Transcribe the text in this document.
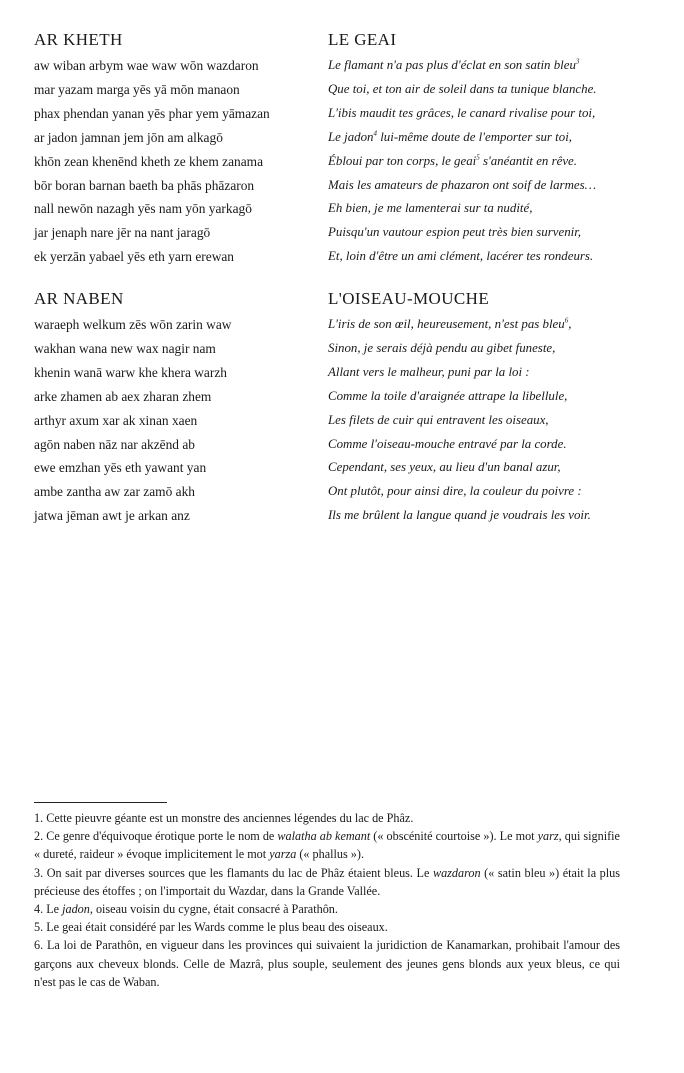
AR KHETH
aw wiban arbym wae waw wōn wazdaron
mar yazam marga yēs yā mōn manaon
phax phendan yanan yēs phar yem yāmazan
ar jadon jamnan jem jōn am alkagō
khōn zean khenēnd kheth ze khem zanama
bōr boran barnan baeth ba phās phāzaron
nall newōn nazagh yēs nam yōn yarkagō
jar jenaph nare jēr na nant jaragō
ek yerzān yabael yēs eth yarn erewan
LE GEAI
Le flamant n'a pas plus d'éclat en son satin bleu$^3$
Que toi, et ton air de soleil dans ta tunique blanche.
L'ibis maudit tes grâces, le canard rivalise pour toi,
Le jadon$^4$ lui-même doute de l'emporter sur toi,
Ébloui par ton corps, le geai$^5$ s'anéantit en rêve.
Mais les amateurs de phazaron ont soif de larmes…
Eh bien, je me lamenterai sur ta nudité,
Puisqu'un vautour espion peut très bien survenir,
Et, loin d'être un ami clément, lacérer tes rondeurs.
AR NABEN
waraeph welkum zēs wōn zarin waw
wakhan wana new wax nagir nam
khenin wanā warw khe khera warzh
arke zhamen ab aex zharan zhem
arthyr axum xar ak xinan xaen
agōn naben nāz nar akzēnd ab
ewe emzhan yēs eth yawant yan
ambe zantha aw zar zamō akh
jatwa jēman awt je arkan anz
L'OISEAU-MOUCHE
L'iris de son œil, heureusement, n'est pas bleu$^6$,
Sinon, je serais déjà pendu au gibet funeste,
Allant vers le malheur, puni par la loi :
Comme la toile d'araignée attrape la libellule,
Les filets de cuir qui entravent les oiseaux,
Comme l'oiseau-mouche entravé par la corde.
Cependant, ses yeux, au lieu d'un banal azur,
Ont plutôt, pour ainsi dire, la couleur du poivre :
Ils me brûlent la langue quand je voudrais les voir.

1. Cette pieuvre géante est un monstre des anciennes légendes du lac de Phâz.

2. Ce genre d'équivoque érotique porte le nom de walatha ab kemant (« obscénité courtoise »). Le mot yarz, qui signifie « dureté, raideur » évoque implicitement le mot yarza (« phallus »).

3. On sait par diverses sources que les flamants du lac de Phâz étaient bleus. Le wazdaron (« satin bleu ») était la plus précieuse des étoffes ; on l'importait du Wazdar, dans la Grande Vallée.

4. Le jadon, oiseau voisin du cygne, était consacré à Parathôn.

5. Le geai était considéré par les Wards comme le plus beau des oiseaux.

6. La loi de Parathôn, en vigueur dans les provinces qui suivaient la juridiction de Kanamarkan, prohibait l'amour des garçons aux cheveux blonds. Celle de Mazrâ, plus souple, seulement des jeunes gens blonds aux yeux bleus, ce qui n'est pas le cas de Waban.
